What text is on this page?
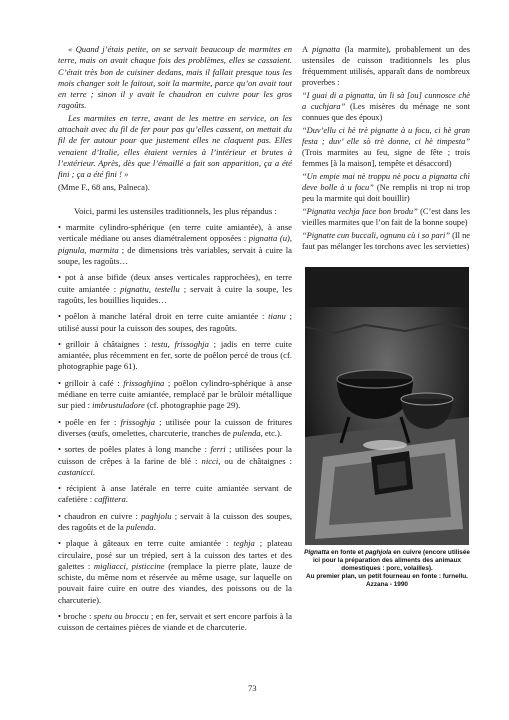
« Quand j’étais petite, on se servait beaucoup de marmites en terre, mais on avait chaque fois des problèmes, elles se cassaient. C’était très bon de cuisiner dedans, mais il fallait presque tous les mois changer soit le faitout, soit la marmite, parce qu’on avait tout en terre ; sinon il y avait le chaudron en cuivre pour les gros ragoûts.

Les marmites en terre, avant de les mettre en service, on les attachait avec du fil de fer pour pas qu’elles cassent, on mettait du fil de fer autour pour que justement elles ne claquent pas. Elles venaient d’Italie, elles étaient vernies à l’intérieur et brutes à l’extérieur. Après, dès que l’émaillé a fait son apparition, ça a été fini ; ça a été fini ! »

(Mme F., 68 ans, Palneca).

Voici, parmi les ustensiles traditionnels, les plus répandus :

• marmite cylindro-sphérique (en terre cuite amiantée), à anse verticale médiane ou anses diamétralement opposées : pignatta (u), pignula, marmita ; de dimensions très variables, servait à cuire la soupe, les ragoûts…
• pot à anse bifide (deux anses verticales rapprochées), en terre cuite amiantée : pignattu, testellu ; servait à cuire la soupe, les ragoûts, les bouillies liquides…
• poêlon à manche latéral droit en terre cuite amiantée : tianu ; utilisé aussi pour la cuisson des soupes, des ragoûts.
• grilloir à châtaignes : testu, frissoghja ; jadis en terre cuite amiantée, plus récemment en fer, sorte de poêlon percé de trous (cf. photographie page 61).
• grilloir à café : frissoghjina ; poêlon cylindro-sphérique à anse médiane en terre cuite amiantée, remplacé par le brûloir métallique sur pied : imbrustuladore (cf. photographie page 29).
• poêle en fer : frissoghja ; utilisée pour la cuisson de fritures diverses (œufs, omelettes, charcuterie, tranches de pulenda, etc.).
• sortes de poêles plates à long manche : ferri ; utilisées pour la cuisson de crêpes à la farine de blé : nicci, ou de châtaignes : castanicci.
• récipient à anse latérale en terre cuite amiantée servant de cafetière : caffittera.
• chaudron en cuivre : paghjolu ; servait à la cuisson des soupes, des ragoûts et de la pulenda.
• plaque à gâteaux en terre cuite amiantée : teghja ; plateau circulaire, posé sur un trépied, sert à la cuisson des tartes et des galettes : migliacci, pisticcine (remplace la pierre plate, lauze de schiste, du même nom et réservée au même usage, sur laquelle on pouvait faire cuire en outre des viandes, des poissons ou de la charcuterie).
• broche : spetu ou broccu ; en fer, servait et sert encore parfois à la cuisson de certaines pièces de viande et de charcuterie.

A pignatta (la marmite), probablement un des ustensiles de cuisson traditionnels les plus fréquemment utilisés, apparaît dans de nombreux proverbes :

“I guai di a pignatta, ùn li sà [ou] cunnosce chè a cuchjara” (Les misères du ménage ne sont connues que des époux)
“Duv’ellu ci hè trè pignatte à u focu, ci hè gran festa ; duv’ elle sò trè donne, ci hè timpesta” (Trois marmites au feu, signe de fête ; trois femmes [à la maison], tempête et désaccord)
“Un empie mai nè troppu nè pocu a pignatta chì deve bolle à u focu” (Ne remplis ni trop ni trop peu la marmite qui doit bouillir)
“Pignatta vechja face bon brodu” (C’est dans les vieilles marmites que l’on fait de la bonne soupe)
“Pignatte cun buccali, ognunu cù i so pari” (Il ne faut pas mélanger les torchons avec les serviettes)
Pignatta en fonte et paghjola en cuivre (encore utilisée ici pour la préparation des aliments des animaux domestiques : porc, volailles).
Au premier plan, un petit fourneau en fonte : furnellu.
Azzana - 1990
73
